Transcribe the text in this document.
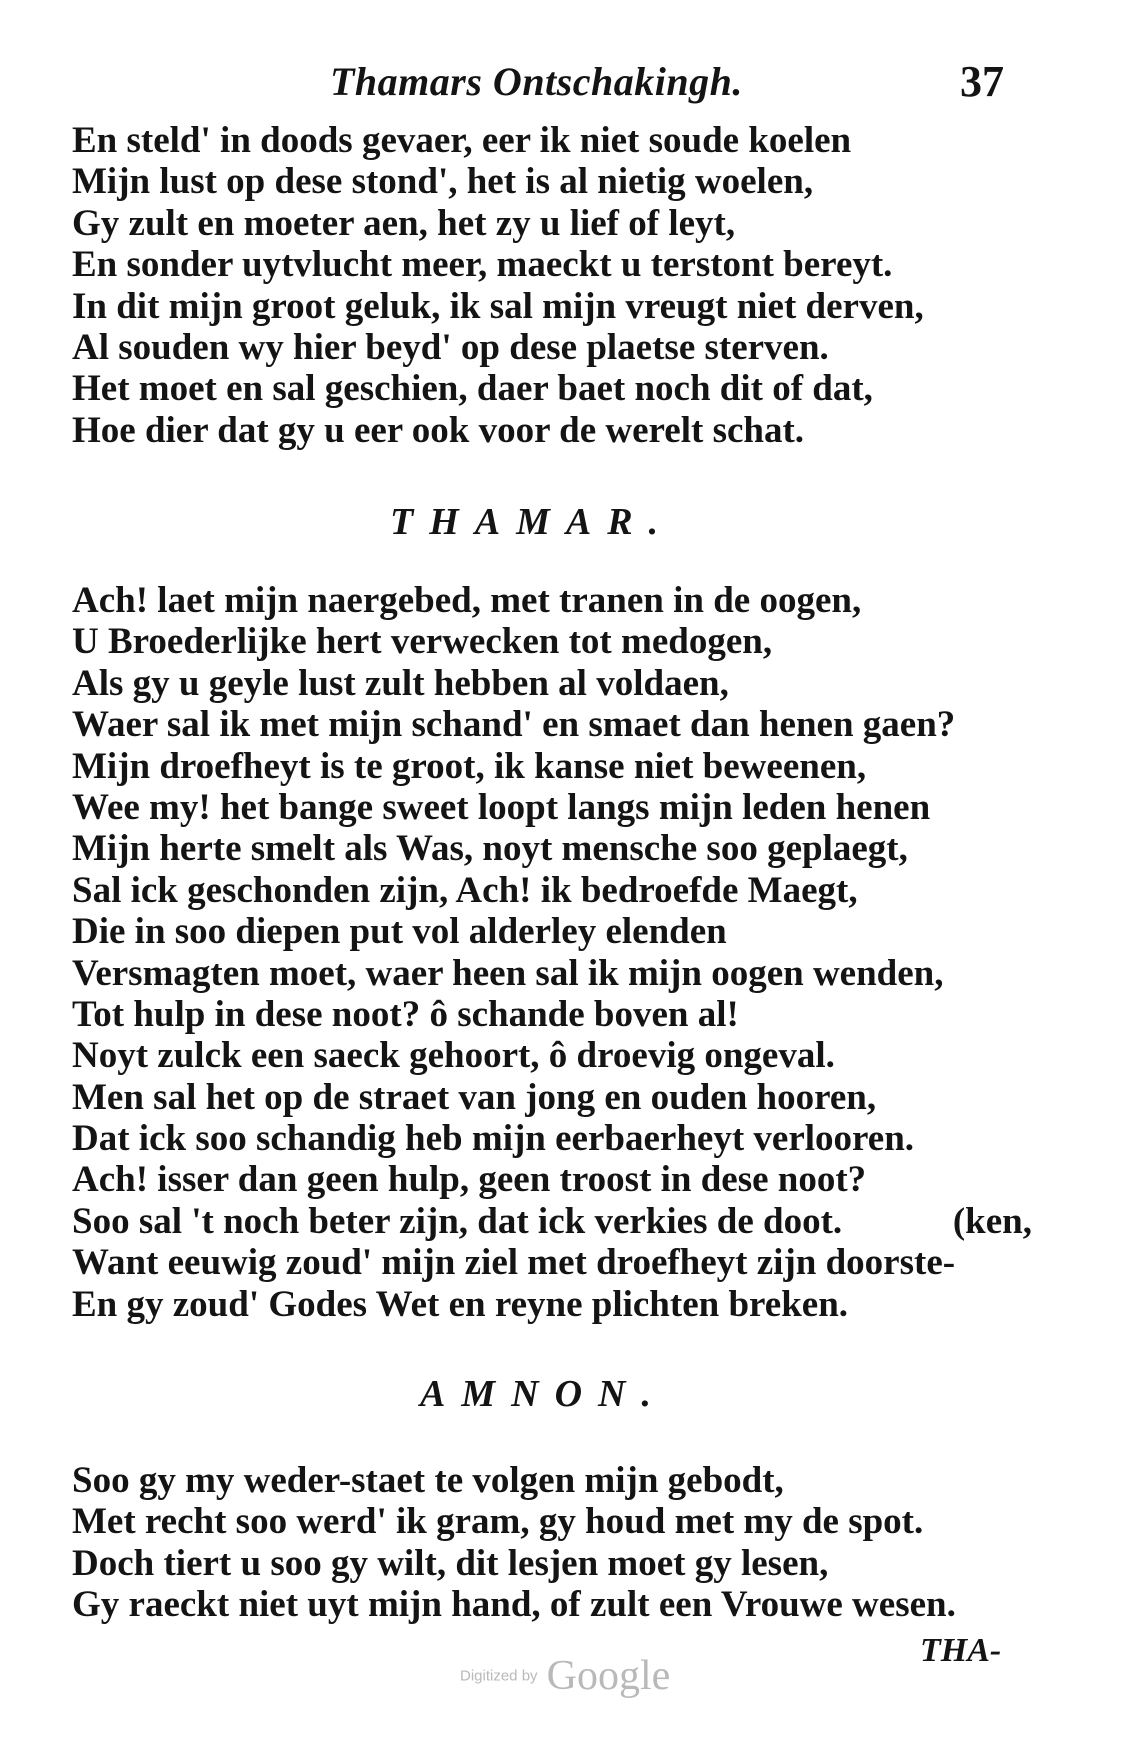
Thamars Ontschakingh.	37
En steld' in doods gevaer, eer ik niet soude koelen
Mijn lust op dese stond', het is al nietig woelen,
Gy zult en moeter aen, het zy u lief of leyt,
En sonder uytvlucht meer, maeckt u terstont bereyt.
In dit mijn groot geluk, ik sal mijn vreugt niet derven,
Al souden wy hier beyd' op dese plaetse sterven.
Het moet en sal geschien, daer baet noch dit of dat,
Hoe dier dat gy u eer ook voor de werelt schat.
THAMAR.
Ach! laet mijn naergebed, met tranen in de oogen,
U Broederlijke hert verwecken tot medogen,
Als gy u geyle lust zult hebben al voldaen,
Waer sal ik met mijn schand' en smaet dan henen gaen?
Mijn droefheyt is te groot, ik kanse niet beweenen,
Wee my! het bange sweet loopt langs mijn leden henen
Mijn herte smelt als Was, noyt mensche soo geplaegt,
Sal ick geschonden zijn, Ach! ik bedroefde Maegt,
Die in soo diepen put vol alderley elenden
Versmagten moet, waer heen sal ik mijn oogen wenden,
Tot hulp in dese noot? ô schande boven al!
Noyt zulck een saeck gehoort, ô droevig ongeval.
Men sal het op de straet van jong en ouden hooren,
Dat ick soo schandig heb mijn eerbaerheyt verlooren.
Ach! isser dan geen hulp, geen troost in dese noot?
Soo sal 't noch beter zijn, dat ick verkies de doot.	(ken,
Want eeuwig zoud' mijn ziel met droefheyt zijn doorste-
En gy zoud' Godes Wet en reyne plichten breken.
AMNON.
Soo gy my weder-staet te volgen mijn gebodt,
Met recht soo werd' ik gram, gy houd met my de spot.
Doch tiert u soo gy wilt, dit lesjen moet gy lesen,
Gy raeckt niet uyt mijn hand, of zult een Vrouwe wesen.
THA-
Digitized by Google
